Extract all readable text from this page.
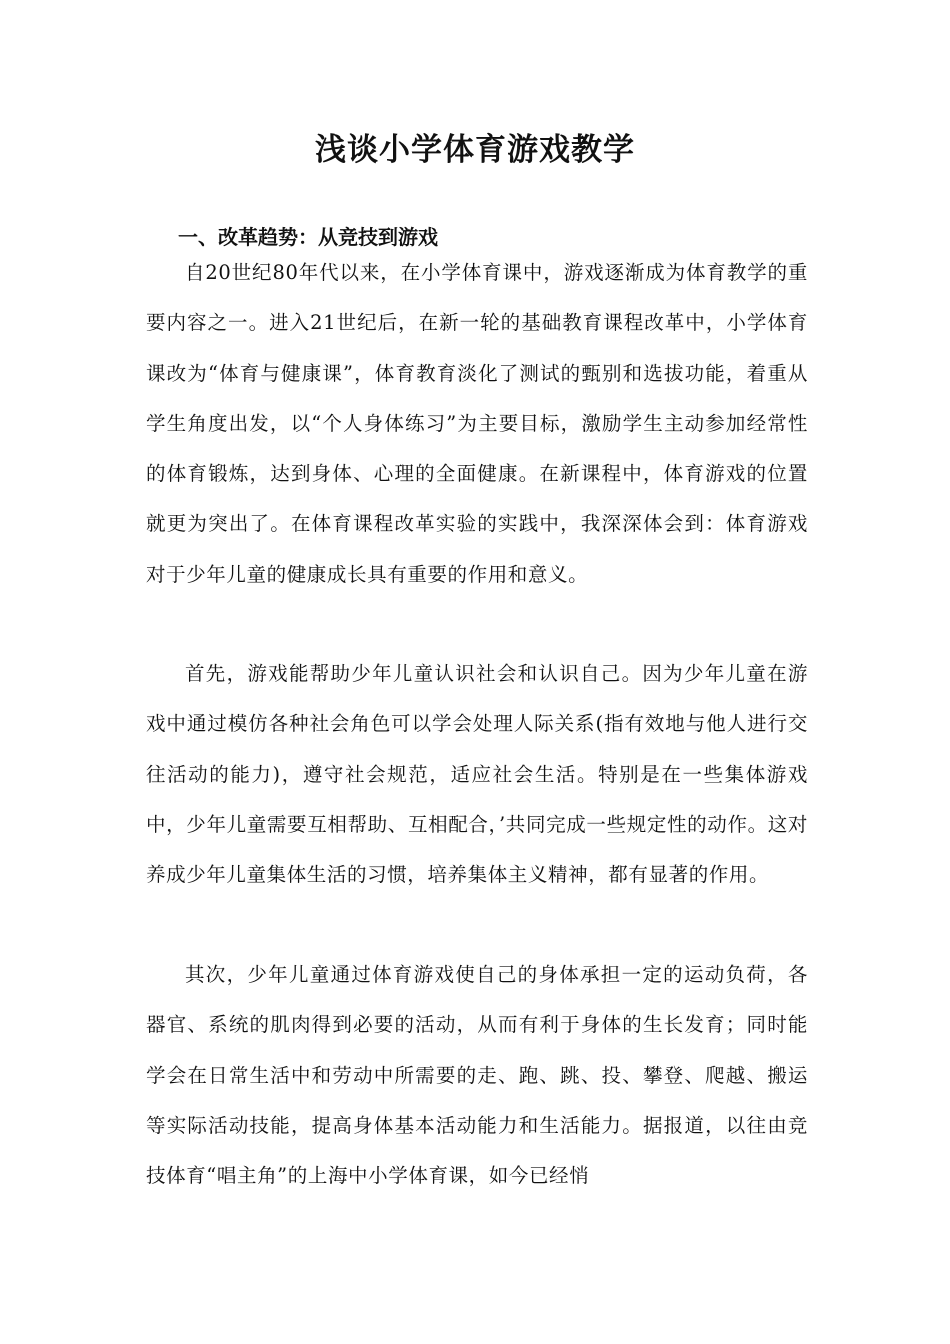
浅谈小学体育游戏教学
一、改革趋势：从竞技到游戏

自20世纪80年代以来，在小学体育课中，游戏逐渐成为体育教学的重要内容之一。进入21世纪后，在新一轮的基础教育课程改革中，小学体育课改为“体育与健康课”，体育教育淡化了测试的甄别和选拔功能，着重从学生角度出发，以“个人身体练习”为主要目标，激励学生主动参加经常性的体育锻炼，达到身体、心理的全面健康。在新课程中，体育游戏的位置就更为突出了。在体育课程改革实验的实践中，我深深体会到：体育游戏对于少年儿童的健康成长具有重要的作用和意义。

首先，游戏能帮助少年儿童认识社会和认识自己。因为少年儿童在游戏中通过模仿各种社会角色可以学会处理人际关系(指有效地与他人进行交往活动的能力)，遵守社会规范，适应社会生活。特别是在一些集体游戏中，少年儿童需要互相帮助、互相配合，’共同完成一些规定性的动作。这对养成少年儿童集体生活的习惯，培养集体主义精神，都有显著的作用。

其次，少年儿童通过体育游戏使自己的身体承担一定的运动负荷，各器官、系统的肌肉得到必要的活动，从而有利于身体的生长发育；同时能学会在日常生活中和劳动中所需要的走、跑、跳、投、攀登、爬越、搬运等实际活动技能，提高身体基本活动能力和生活能力。据报道，以往由竞技体育“唱主角”的上海中小学体育课，如今已经悄
